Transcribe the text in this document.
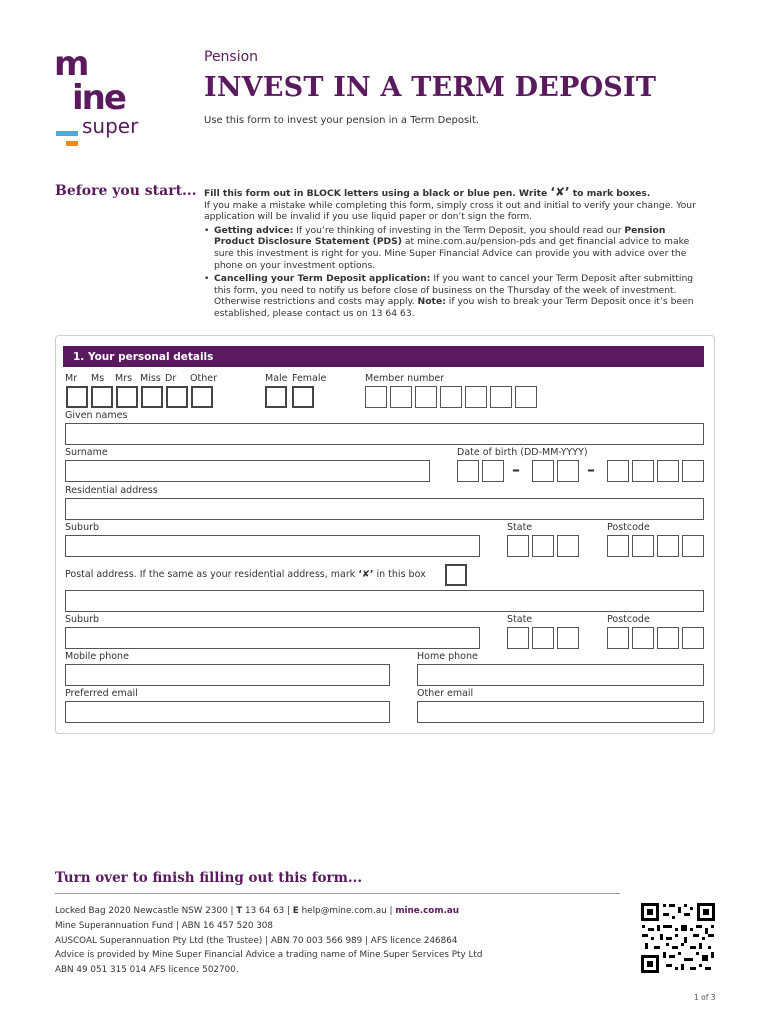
m
ine
super
Pension
INVEST IN A TERM DEPOSIT
Use this form to invest your pension in a Term Deposit.
Before you start... Fill this form out in BLOCK letters using a black or blue pen. Write ‘✘’ to mark boxes.

If you make a mistake while completing this form, simply cross it out and initial to verify your change. Your application will be invalid if you use liquid paper or don’t sign the form.

• Getting advice: If you’re thinking of investing in the Term Deposit, you should read our Pension Product Disclosure Statement (PDS) at mine.com.au/pension-pds and get financial advice to make sure this investment is right for you. Mine Super Financial Advice can provide you with advice over the phone on your investment options.

• Cancelling your Term Deposit application: If you want to cancel your Term Deposit after submitting this form, you need to notify us before close of business on the Thursday of the week of investment. Otherwise restrictions and costs may apply. Note: if you wish to break your Term Deposit once it’s been established, please contact us on 13 64 63.

1. Your personal details
Mr Ms Mrs Miss Dr Other	Male Female	Member number
Given names
Surname	Date of birth (DD-MM-YYYY)
–	–
Residential address
Suburb	State	Postcode
Postal address. If the same as your residential address, mark ‘✘’ in this box
Suburb	State	Postcode
Mobile phone	Home phone
Preferred email	Other email
Turn over to finish filling out this form...
Locked Bag 2020 Newcastle NSW 2300 | T 13 64 63 | E help@mine.com.au | mine.com.au
Mine Superannuation Fund | ABN 16 457 520 308
AUSCOAL Superannuation Pty Ltd (the Trustee) | ABN 70 003 566 989 | AFS licence 246864
Advice is provided by Mine Super Financial Advice a trading name of Mine Super Services Pty Ltd
ABN 49 051 315 014 AFS licence 502700.
1 of 3
